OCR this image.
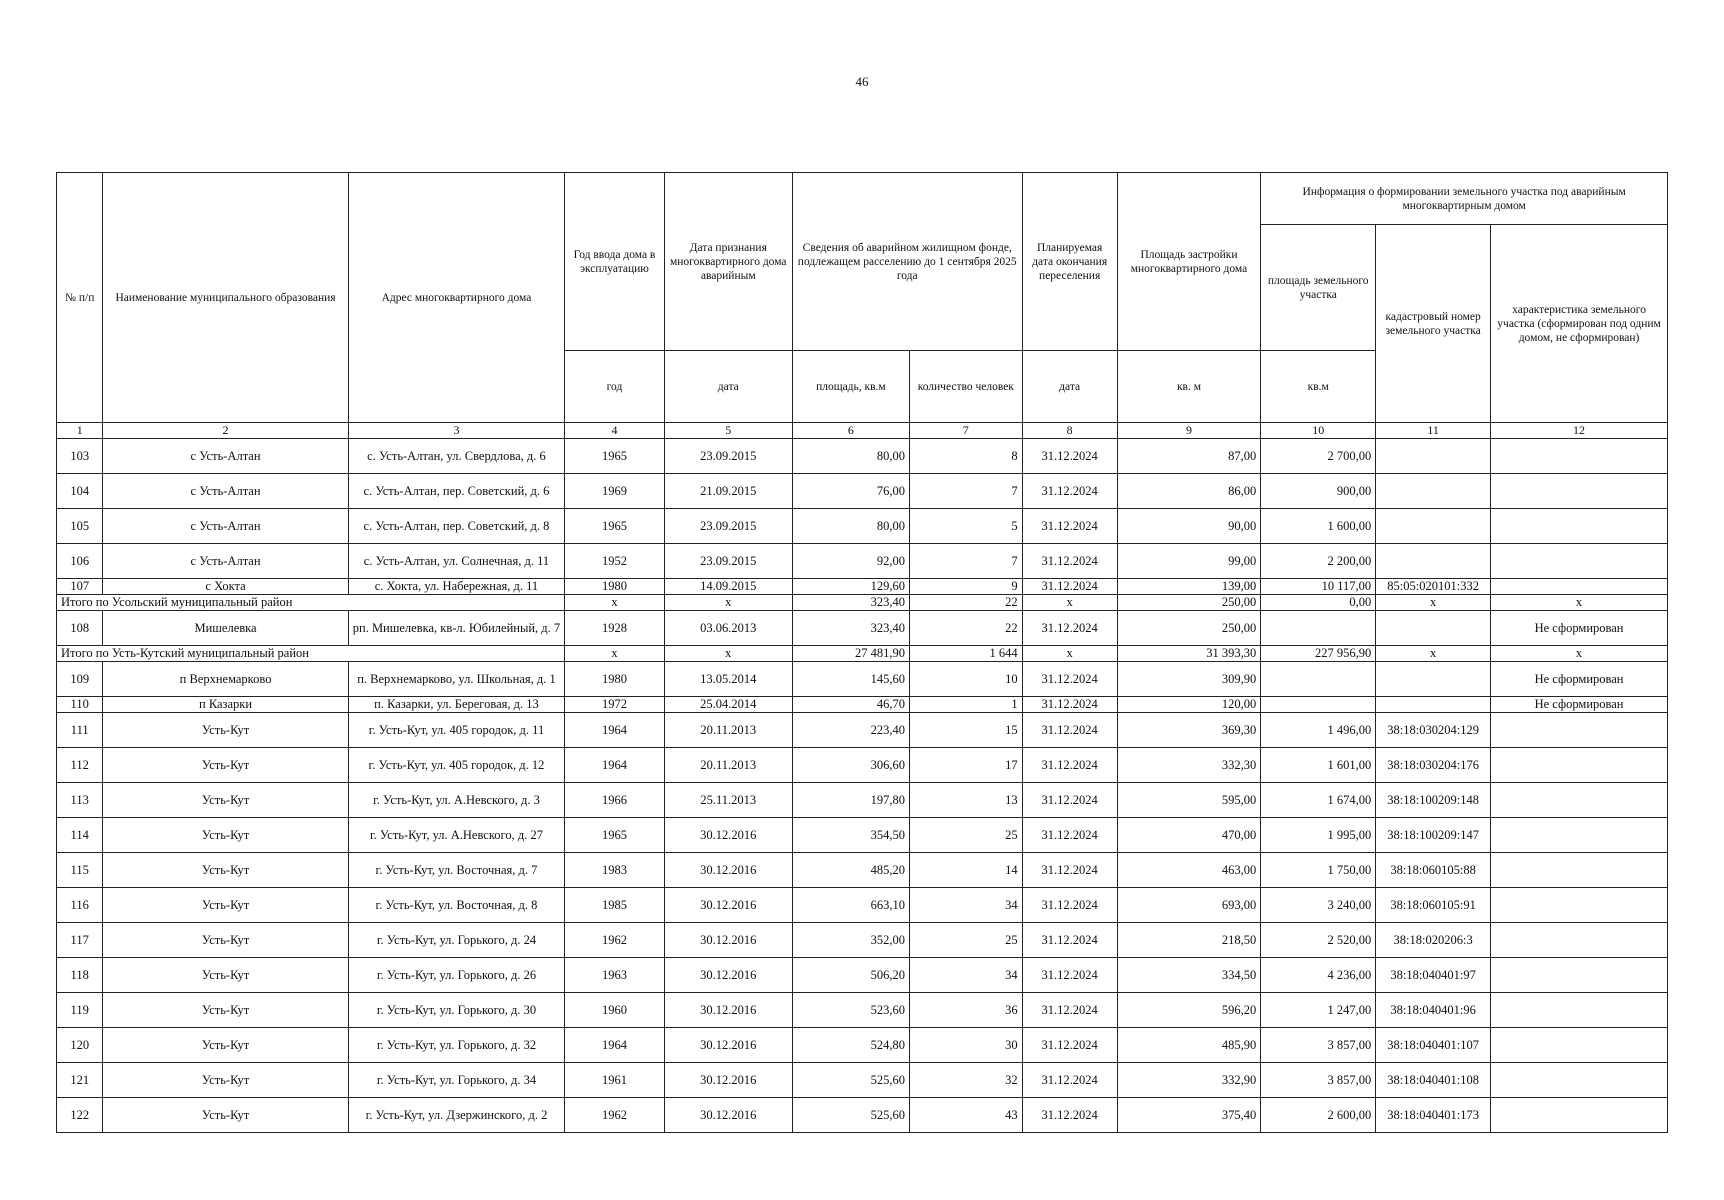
46
№ п/п	Наименование муниципального образования	Адрес многоквартирного дома	Год ввода дома в эксплуатацию	Дата признания многоквартирного дома аварийным	Сведения об аварийном жилищном фонде, подлежащем расселению до 1 сентября 2025 года		Планируемая дата окончания переселения	Площадь застройки многоквартирного дома	Информация о формировании земельного участка под аварийным многоквартирным домом		
									площадь земельного участка	кадастровый номер земельного участка	характеристика земельного участка (сформирован под одним домом, не сформирован)
			год	дата	площадь, кв.м	количество человек	дата	кв. м	кв.м		
1	2	3	4	5	6	7	8	9	10	11	12
103	с Усть-Алтан	с. Усть-Алтан, ул. Свердлова, д. 6	1965	23.09.2015	80,00	8	31.12.2024	87,00	2 700,00		
104	с Усть-Алтан	с. Усть-Алтан, пер. Советский, д. 6	1969	21.09.2015	76,00	7	31.12.2024	86,00	900,00		
105	с Усть-Алтан	с. Усть-Алтан, пер. Советский, д. 8	1965	23.09.2015	80,00	5	31.12.2024	90,00	1 600,00		
106	с Усть-Алтан	с. Усть-Алтан, ул. Солнечная, д. 11	1952	23.09.2015	92,00	7	31.12.2024	99,00	2 200,00		
107	с Хокта	с. Хокта, ул. Набережная, д. 11	1980	14.09.2015	129,60	9	31.12.2024	139,00	10 117,00	85:05:020101:332	
Итого по Усольский муниципальный район			x	x	323,40	22	x	250,00	0,00	x	x
108	Мишелевка	рп. Мишелевка, кв-л. Юбилейный, д. 7	1928	03.06.2013	323,40	22	31.12.2024	250,00			Не сформирован
Итого по Усть-Кутский муниципальный район			x	x	27 481,90	1 644	x	31 393,30	227 956,90	x	x
109	п Верхнемарково	п. Верхнемарково, ул. Школьная, д. 1	1980	13.05.2014	145,60	10	31.12.2024	309,90			Не сформирован
110	п Казарки	п. Казарки, ул. Береговая, д. 13	1972	25.04.2014	46,70	1	31.12.2024	120,00			Не сформирован
111	Усть-Кут	г. Усть-Кут, ул. 405 городок, д. 11	1964	20.11.2013	223,40	15	31.12.2024	369,30	1 496,00	38:18:030204:129	
112	Усть-Кут	г. Усть-Кут, ул. 405 городок, д. 12	1964	20.11.2013	306,60	17	31.12.2024	332,30	1 601,00	38:18:030204:176	
113	Усть-Кут	г. Усть-Кут, ул. А.Невского, д. 3	1966	25.11.2013	197,80	13	31.12.2024	595,00	1 674,00	38:18:100209:148	
114	Усть-Кут	г. Усть-Кут, ул. А.Невского, д. 27	1965	30.12.2016	354,50	25	31.12.2024	470,00	1 995,00	38:18:100209:147	
115	Усть-Кут	г. Усть-Кут, ул. Восточная, д. 7	1983	30.12.2016	485,20	14	31.12.2024	463,00	1 750,00	38:18:060105:88	
116	Усть-Кут	г. Усть-Кут, ул. Восточная, д. 8	1985	30.12.2016	663,10	34	31.12.2024	693,00	3 240,00	38:18:060105:91	
117	Усть-Кут	г. Усть-Кут, ул. Горького, д. 24	1962	30.12.2016	352,00	25	31.12.2024	218,50	2 520,00	38:18:020206:3	
118	Усть-Кут	г. Усть-Кут, ул. Горького, д. 26	1963	30.12.2016	506,20	34	31.12.2024	334,50	4 236,00	38:18:040401:97	
119	Усть-Кут	г. Усть-Кут, ул. Горького, д. 30	1960	30.12.2016	523,60	36	31.12.2024	596,20	1 247,00	38:18:040401:96	
120	Усть-Кут	г. Усть-Кут, ул. Горького, д. 32	1964	30.12.2016	524,80	30	31.12.2024	485,90	3 857,00	38:18:040401:107	
121	Усть-Кут	г. Усть-Кут, ул. Горького, д. 34	1961	30.12.2016	525,60	32	31.12.2024	332,90	3 857,00	38:18:040401:108	
122	Усть-Кут	г. Усть-Кут, ул. Дзержинского, д. 2	1962	30.12.2016	525,60	43	31.12.2024	375,40	2 600,00	38:18:040401:173	
